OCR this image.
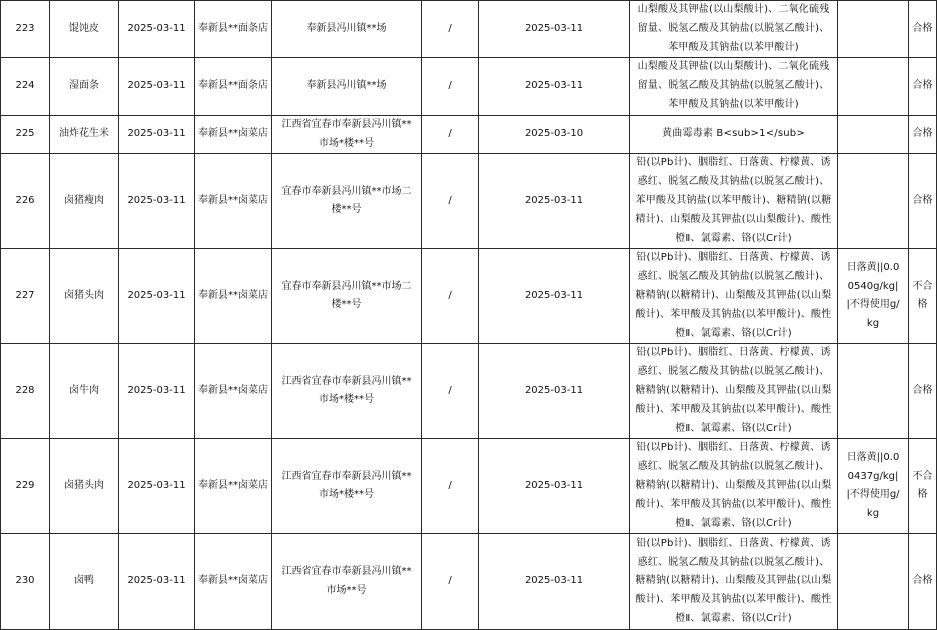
223	馄饨皮	2025-03-11	奉新县**面条店	奉新县冯川镇**场	/	2025-03-11	山梨酸及其钾盐(以山梨酸计)、二氧化硫残留量、脱氢乙酸及其钠盐(以脱氢乙酸计)、苯甲酸及其钠盐(以苯甲酸计)		合格
224	湿面条	2025-03-11	奉新县**面条店	奉新县冯川镇**场	/	2025-03-11	山梨酸及其钾盐(以山梨酸计)、二氧化硫残留量、脱氢乙酸及其钠盐(以脱氢乙酸计)、苯甲酸及其钠盐(以苯甲酸计)		合格
225	油炸花生米	2025-03-11	奉新县**卤菜店	江西省宜春市奉新县冯川镇**市场*楼**号	/	2025-03-10	黄曲霉毒素 B<sub>1</sub>		合格
226	卤猪瘦肉	2025-03-11	奉新县**卤菜店	宜春市奉新县冯川镇**市场二楼**号	/	2025-03-11	铅(以Pb计)、胭脂红、日落黄、柠檬黄、诱惑红、脱氢乙酸及其钠盐(以脱氢乙酸计)、苯甲酸及其钠盐(以苯甲酸计)、糖精钠(以糖精计)、山梨酸及其钾盐(以山梨酸计)、酸性橙Ⅱ、氯霉素、铬(以Cr计)		合格
227	卤猪头肉	2025-03-11	奉新县**卤菜店	宜春市奉新县冯川镇**市场二楼**号	/	2025-03-11	铅(以Pb计)、胭脂红、日落黄、柠檬黄、诱惑红、脱氢乙酸及其钠盐(以脱氢乙酸计)、糖精钠(以糖精计)、山梨酸及其钾盐(以山梨酸计)、苯甲酸及其钠盐(以苯甲酸计)、酸性橙Ⅱ、氯霉素、铬(以Cr计)	日落黄||0.00540g/kg||不得使用g/kg	不合格
228	卤牛肉	2025-03-11	奉新县**卤菜店	江西省宜春市奉新县冯川镇**市场*楼**号	/	2025-03-11	铅(以Pb计)、胭脂红、日落黄、柠檬黄、诱惑红、脱氢乙酸及其钠盐(以脱氢乙酸计)、糖精钠(以糖精计)、山梨酸及其钾盐(以山梨酸计)、苯甲酸及其钠盐(以苯甲酸计)、酸性橙Ⅱ、氯霉素、铬(以Cr计)		合格
229	卤猪头肉	2025-03-11	奉新县**卤菜店	江西省宜春市奉新县冯川镇**市场*楼**号	/	2025-03-11	铅(以Pb计)、胭脂红、日落黄、柠檬黄、诱惑红、脱氢乙酸及其钠盐(以脱氢乙酸计)、糖精钠(以糖精计)、山梨酸及其钾盐(以山梨酸计)、苯甲酸及其钠盐(以苯甲酸计)、酸性橙Ⅱ、氯霉素、铬(以Cr计)	日落黄||0.00437g/kg||不得使用g/kg	不合格
230	卤鸭	2025-03-11	奉新县**卤菜店	江西省宜春市奉新县冯川镇**市场**号	/	2025-03-11	铅(以Pb计)、胭脂红、日落黄、柠檬黄、诱惑红、脱氢乙酸及其钠盐(以脱氢乙酸计)、糖精钠(以糖精计)、山梨酸及其钾盐(以山梨酸计)、苯甲酸及其钠盐(以苯甲酸计)、酸性橙Ⅱ、氯霉素、铬(以Cr计)		合格
